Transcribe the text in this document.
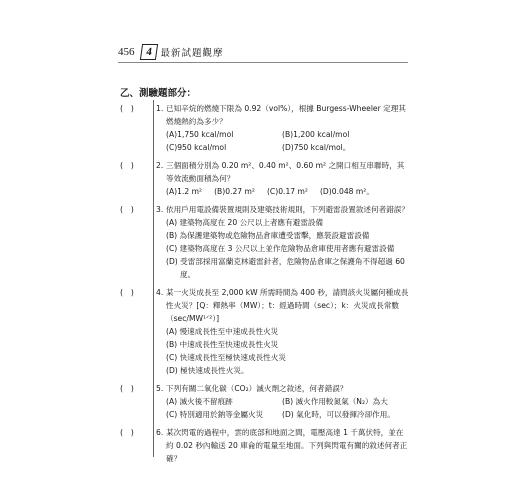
456 4 最新試題觀摩
乙、測驗題部分：
(   )	1. 已知辛烷的燃燒下限為 0.92（vol%），根據 Burgess-Wheeler 定理其燃燒熱約為多少？
(A)1,750 kcal/mol	(B)1,200 kcal/mol
(C)950 kcal/mol	(D)750 kcal/mol。
(   )	2. 三個面積分別為 0.20 m²、0.40 m²、0.60 m² 之開口相互串聯時，其等效流動面積為何？
(A)1.2 m² (B)0.27 m² (C)0.17 m² (D)0.048 m²。
(   )	3. 依用戶用電設備裝置規則及建築技術規則，下列避雷設置敘述何者錯誤？
(A) 建築物高度在 20 公尺以上者應有避雷設備
(B) 為保護建築物或危險物品倉庫遭受雷擊，應裝設避雷設備
(C) 建築物高度在 3 公尺以上並作危險物品倉庫使用者應有避雷設備
(D) 受雷部採用富蘭克林避雷針者，危險物品倉庫之保護角不得超過 60 度。
(   )	4. 某一火災成長至 2,000 kW 所需時間為 400 秒，請問該火災屬何種成長性火災？[Q：釋熱率（MW）；t：經過時間（sec）；k：火災成長常數（sec/MW¹ᐟ²）]
(A) 慢速成長性至中速成長性火災
(B) 中速成長性至快速成長性火災
(C) 快速成長性至極快速成長性火災
(D) 極快速成長性火災。
(   )	5. 下列有關二氧化碳（CO₂）滅火劑之敘述，何者錯誤？
(A) 滅火後不留痕跡	(B) 滅火作用較氮氣（N₂）為大
(C) 特別適用於鈉等金屬火災	(D) 氣化時，可以發揮冷卻作用。
(   )	6. 某次閃電的過程中，雲的底部和地面之間，電壓高達 1 千萬伏特，並在約 0.02 秒內輸送 20 庫侖的電量至地面。下列與閃電有關的敘述何者正確？
